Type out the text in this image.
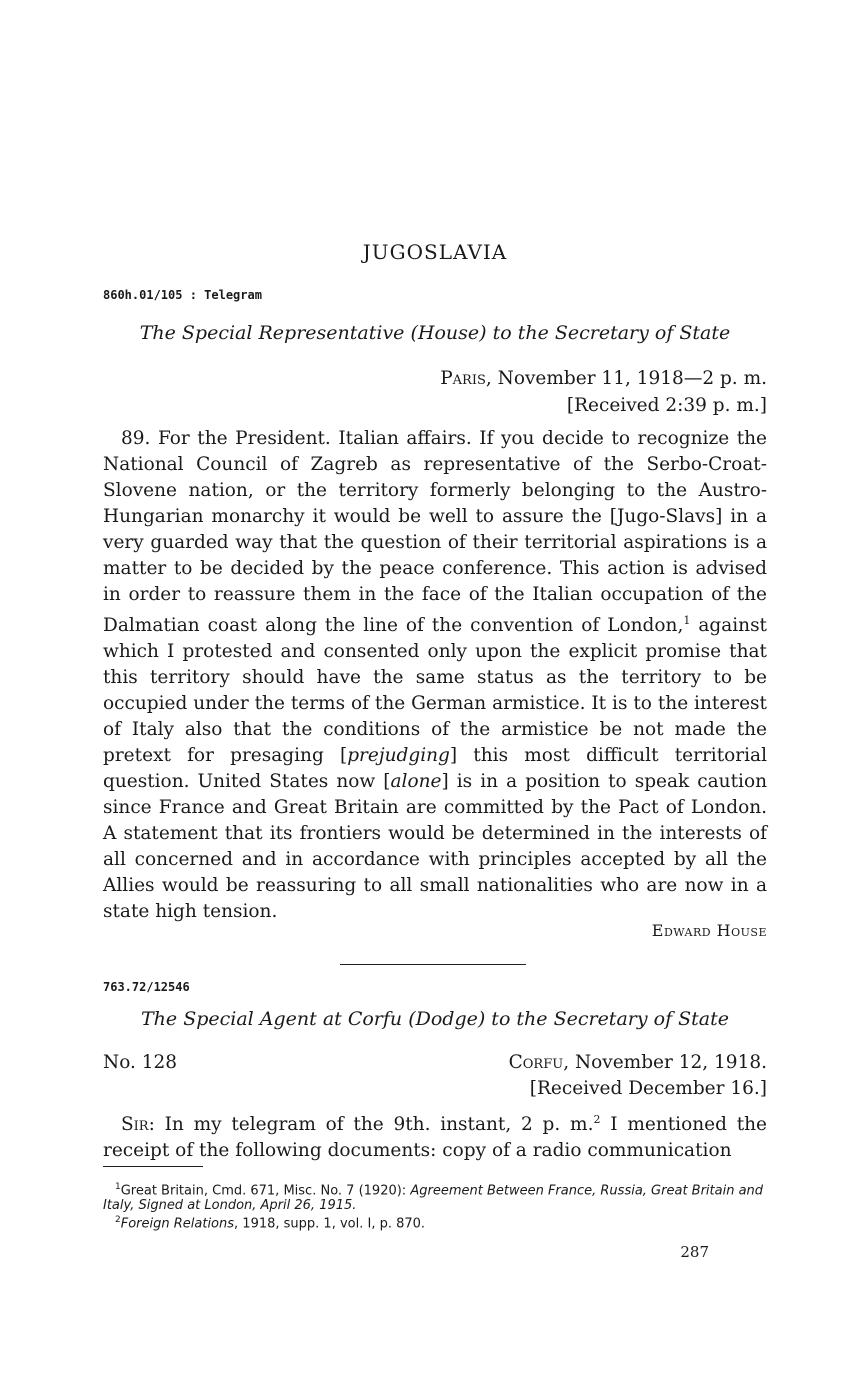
JUGOSLAVIA
860h.01/105 : Telegram
The Special Representative (House) to the Secretary of State
Paris, November 11, 1918—2 p. m.
[Received 2:39 p. m.]

89. For the President. Italian affairs. If you decide to recognize the National Council of Zagreb as representative of the Serbo-Croat-Slovene nation, or the territory formerly belonging to the Austro-Hungarian monarchy it would be well to assure the [Jugo-Slavs] in a very guarded way that the question of their territorial aspirations is a matter to be decided by the peace conference. This action is advised in order to reassure them in the face of the Italian occupation of the Dalmatian coast along the line of the convention of London,$^1$ against which I protested and consented only upon the explicit promise that this territory should have the same status as the territory to be occupied under the terms of the German armistice. It is to the interest of Italy also that the conditions of the armistice be not made the pretext for presaging [prejudging] this most difficult territorial question. United States now [alone] is in a position to speak caution since France and Great Britain are committed by the Pact of London. A statement that its frontiers would be determined in the interests of all concerned and in accordance with principles accepted by all the Allies would be reassuring to all small nationalities who are now in a state high tension.

Edward House
763.72/12546
The Special Agent at Corfu (Dodge) to the Secretary of State
No. 128	Corfu, November 12, 1918.
[Received December 16.]

Sir: In my telegram of the 9th. instant, 2 p. m.$^2$ I mentioned the receipt of the following documents: copy of a radio communication

$^1$Great Britain, Cmd. 671, Misc. No. 7 (1920): Agreement Between France, Russia, Great Britain and Italy, Signed at London, April 26, 1915.

$^2$Foreign Relations, 1918, supp. 1, vol. I, p. 870.

287
